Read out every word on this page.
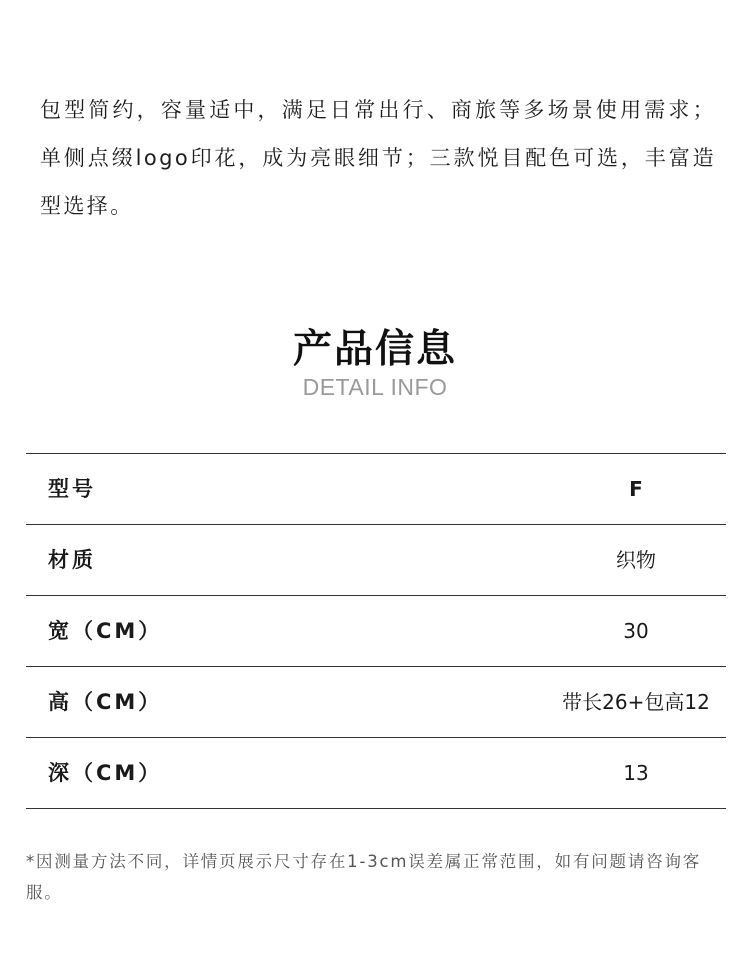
包型简约，容量适中，满足日常出行、商旅等多场景使用需求；单侧点缀logo印花，成为亮眼细节；三款悦目配色可选，丰富造型选择。
产品信息
DETAIL INFO
型号	F
材质	织物
宽（CM）	30
高（CM）	带长26+包高12
深（CM）	13
*因测量方法不同，详情页展示尺寸存在1-3cm误差属正常范围，如有问题请咨询客服。
